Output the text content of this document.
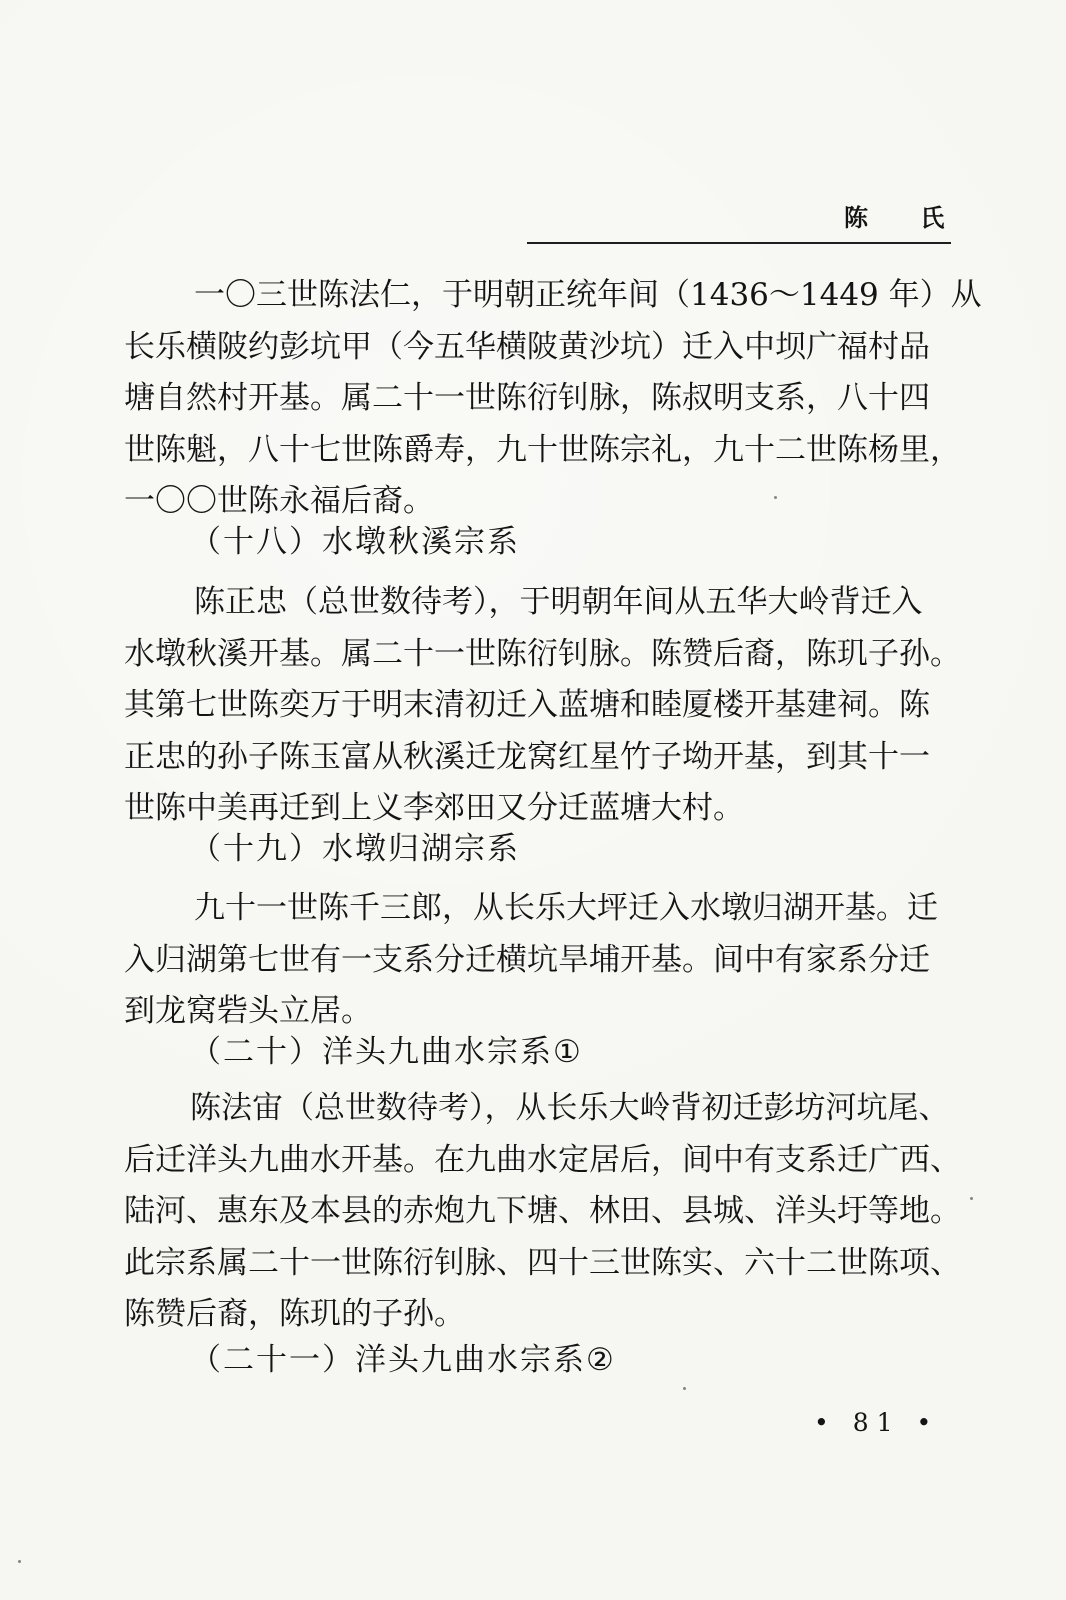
陈 氏

一〇三世陈法仁，于明朝正统年间（1436～1449 年）从
长乐横陂约彭坑甲（今五华横陂黄沙坑）迁入中坝广福村品
塘自然村开基。属二十一世陈衍钊脉，陈叔明支系，八十四
世陈魁，八十七世陈爵寿，九十世陈宗礼，九十二世陈杨里，
一〇〇世陈永福后裔。

（十八）水墩秋溪宗系

陈正忠（总世数待考），于明朝年间从五华大岭背迁入
水墩秋溪开基。属二十一世陈衍钊脉。陈赞后裔，陈玑子孙。
其第七世陈奕万于明末清初迁入蓝塘和睦厦楼开基建祠。陈
正忠的孙子陈玉富从秋溪迁龙窝红星竹子坳开基，到其十一
世陈中美再迁到上义李郊田又分迁蓝塘大村。

（十九）水墩归湖宗系

九十一世陈千三郎，从长乐大坪迁入水墩归湖开基。迁
入归湖第七世有一支系分迁横坑旱埔开基。间中有家系分迁
到龙窝砦头立居。

（二十）洋头九曲水宗系①

陈法宙（总世数待考），从长乐大岭背初迁彭坊河坑尾、
后迁洋头九曲水开基。在九曲水定居后，间中有支系迁广西、
陆河、惠东及本县的赤炮九下塘、林田、县城、洋头圩等地。
此宗系属二十一世陈衍钊脉、四十三世陈实、六十二世陈项、
陈赞后裔，陈玑的子孙。

（二十一）洋头九曲水宗系②
• 81 •
